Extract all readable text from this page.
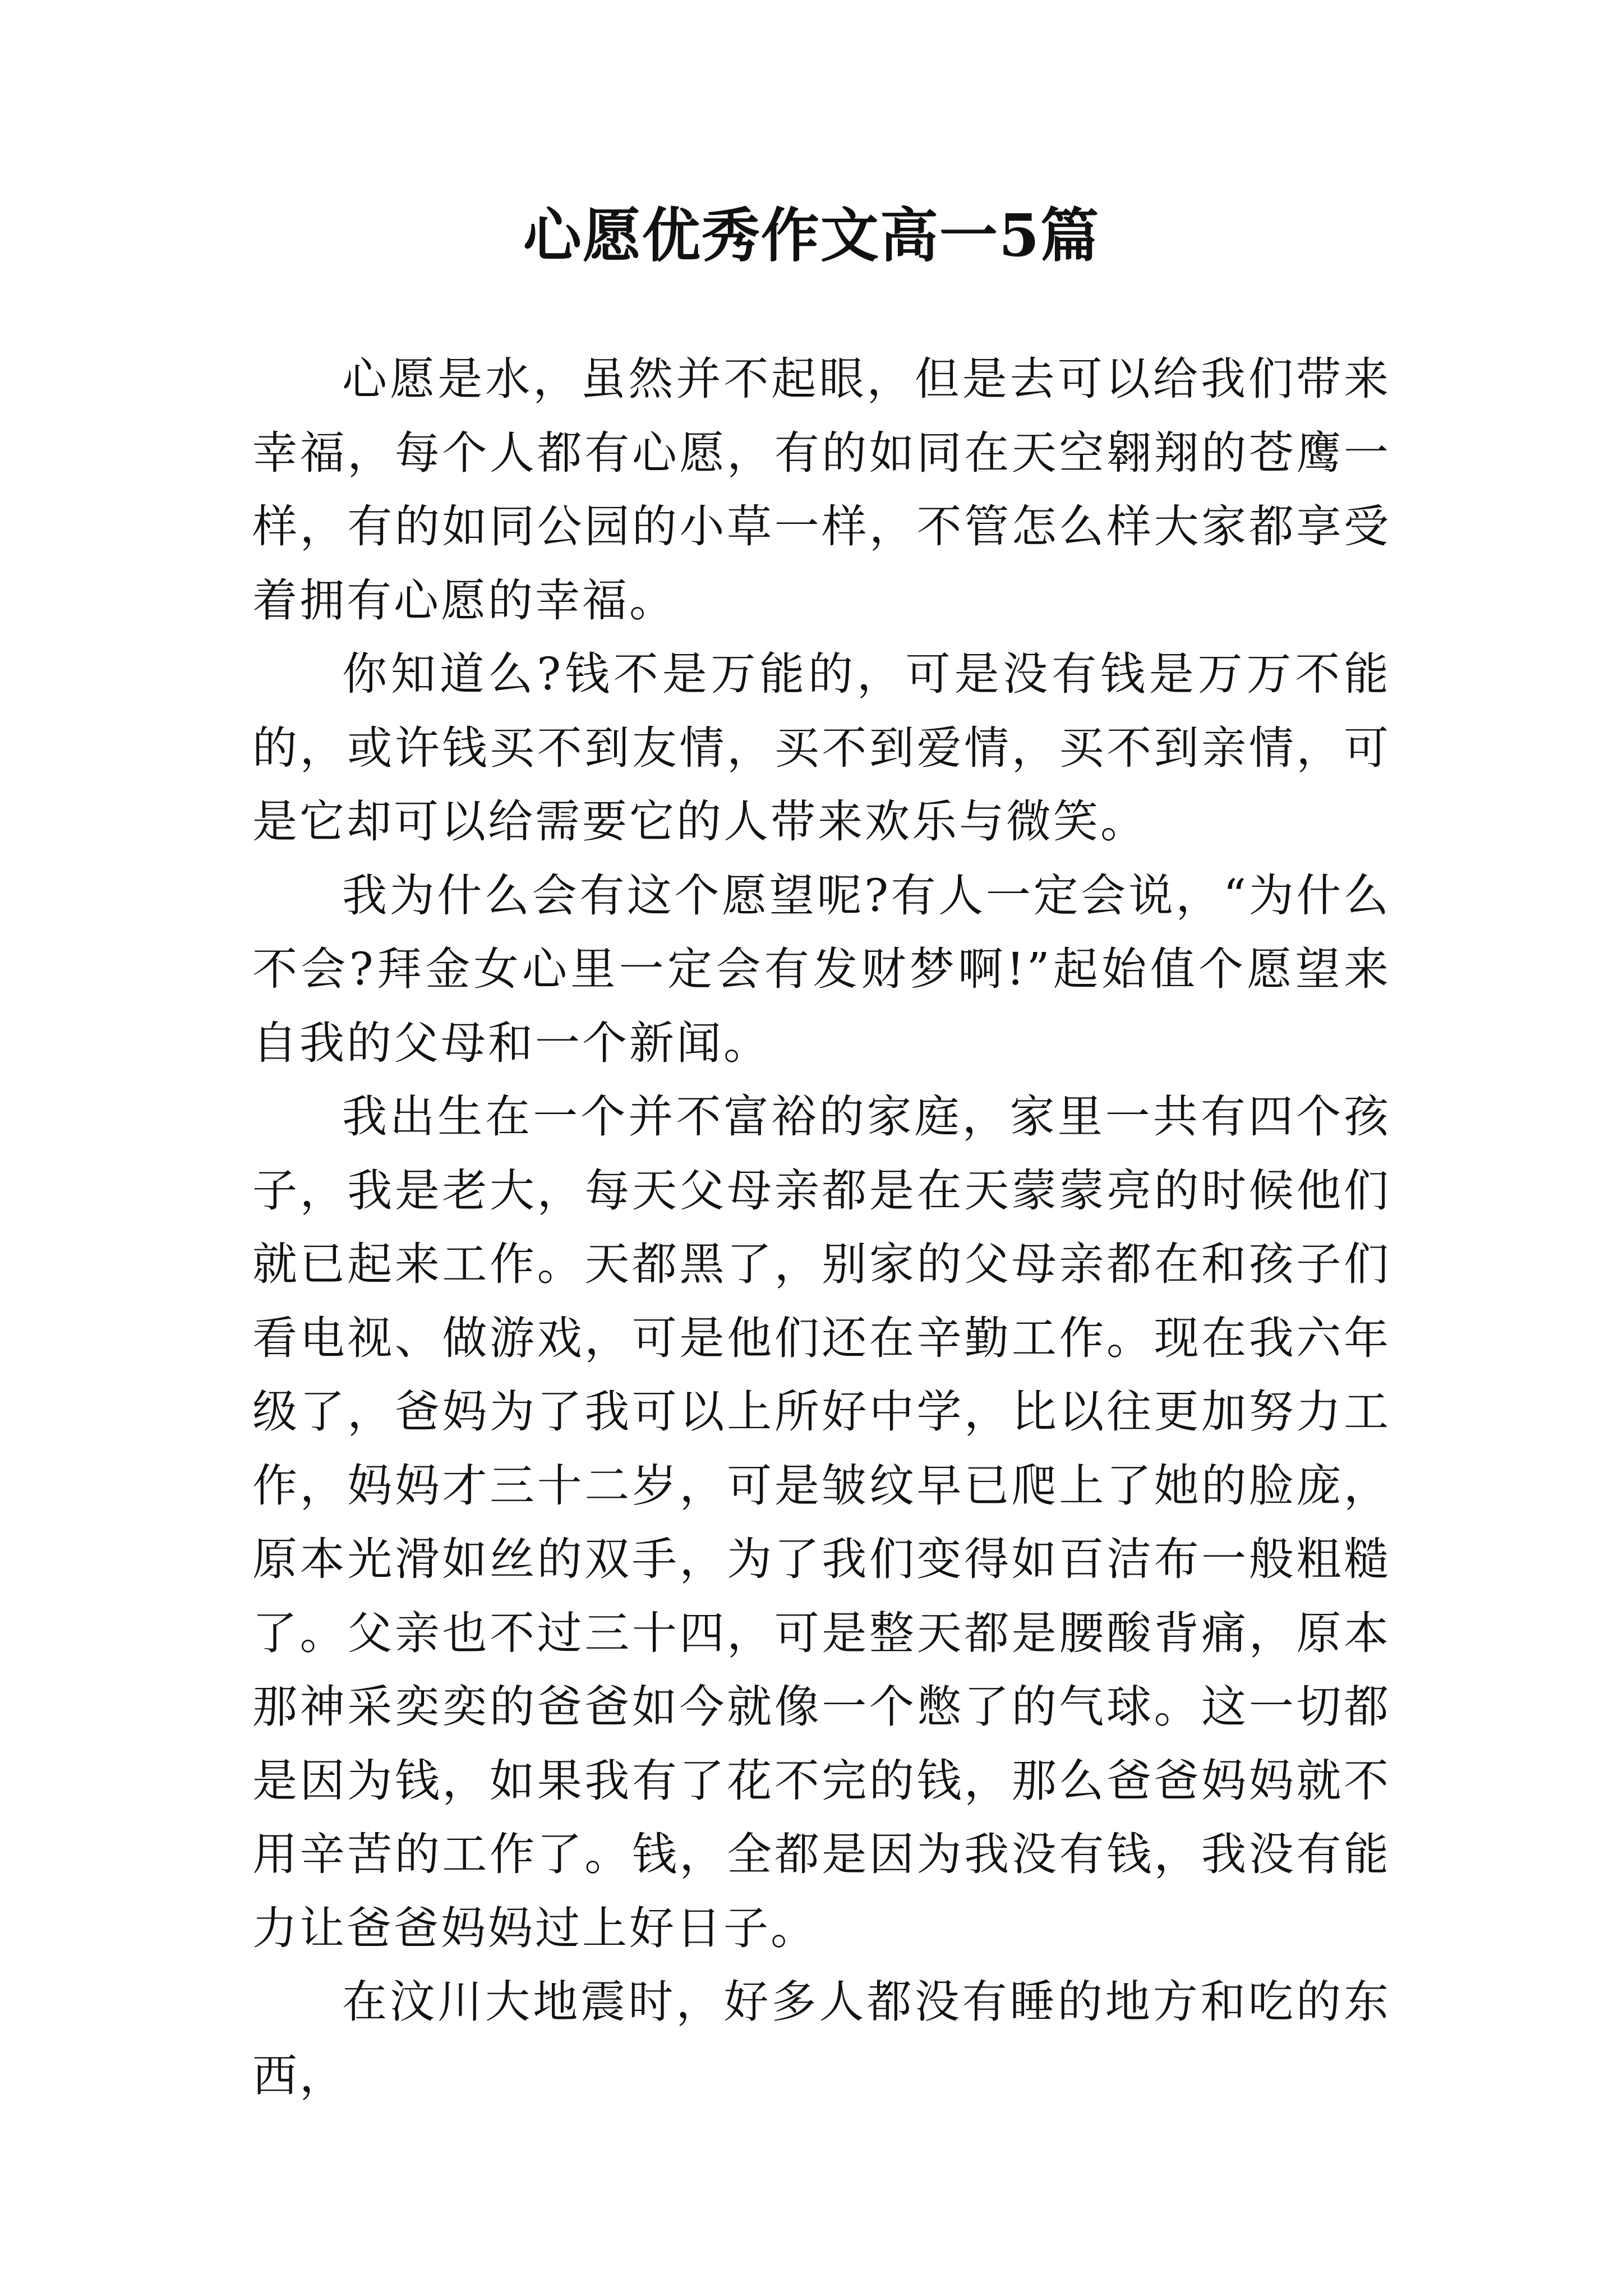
心愿优秀作文高一5篇

心愿是水，虽然并不起眼，但是去可以给我们带来幸福，每个人都有心愿，有的如同在天空翱翔的苍鹰一样，有的如同公园的小草一样，不管怎么样大家都享受着拥有心愿的幸福。

你知道么?钱不是万能的，可是没有钱是万万不能的，或许钱买不到友情，买不到爱情，买不到亲情，可是它却可以给需要它的人带来欢乐与微笑。

我为什么会有这个愿望呢?有人一定会说，“为什么不会?拜金女心里一定会有发财梦啊!”起始值个愿望来自我的父母和一个新闻。

我出生在一个并不富裕的家庭，家里一共有四个孩子，我是老大，每天父母亲都是在天蒙蒙亮的时候他们就已起来工作。天都黑了，别家的父母亲都在和孩子们看电视、做游戏，可是他们还在辛勤工作。现在我六年级了，爸妈为了我可以上所好中学，比以往更加努力工作，妈妈才三十二岁，可是皱纹早已爬上了她的脸庞，原本光滑如丝的双手，为了我们变得如百洁布一般粗糙了。父亲也不过三十四，可是整天都是腰酸背痛，原本那神采奕奕的爸爸如今就像一个憋了的气球。这一切都是因为钱，如果我有了花不完的钱，那么爸爸妈妈就不用辛苦的工作了。钱，全都是因为我没有钱，我没有能力让爸爸妈妈过上好日子。

在汶川大地震时，好多人都没有睡的地方和吃的东西，
